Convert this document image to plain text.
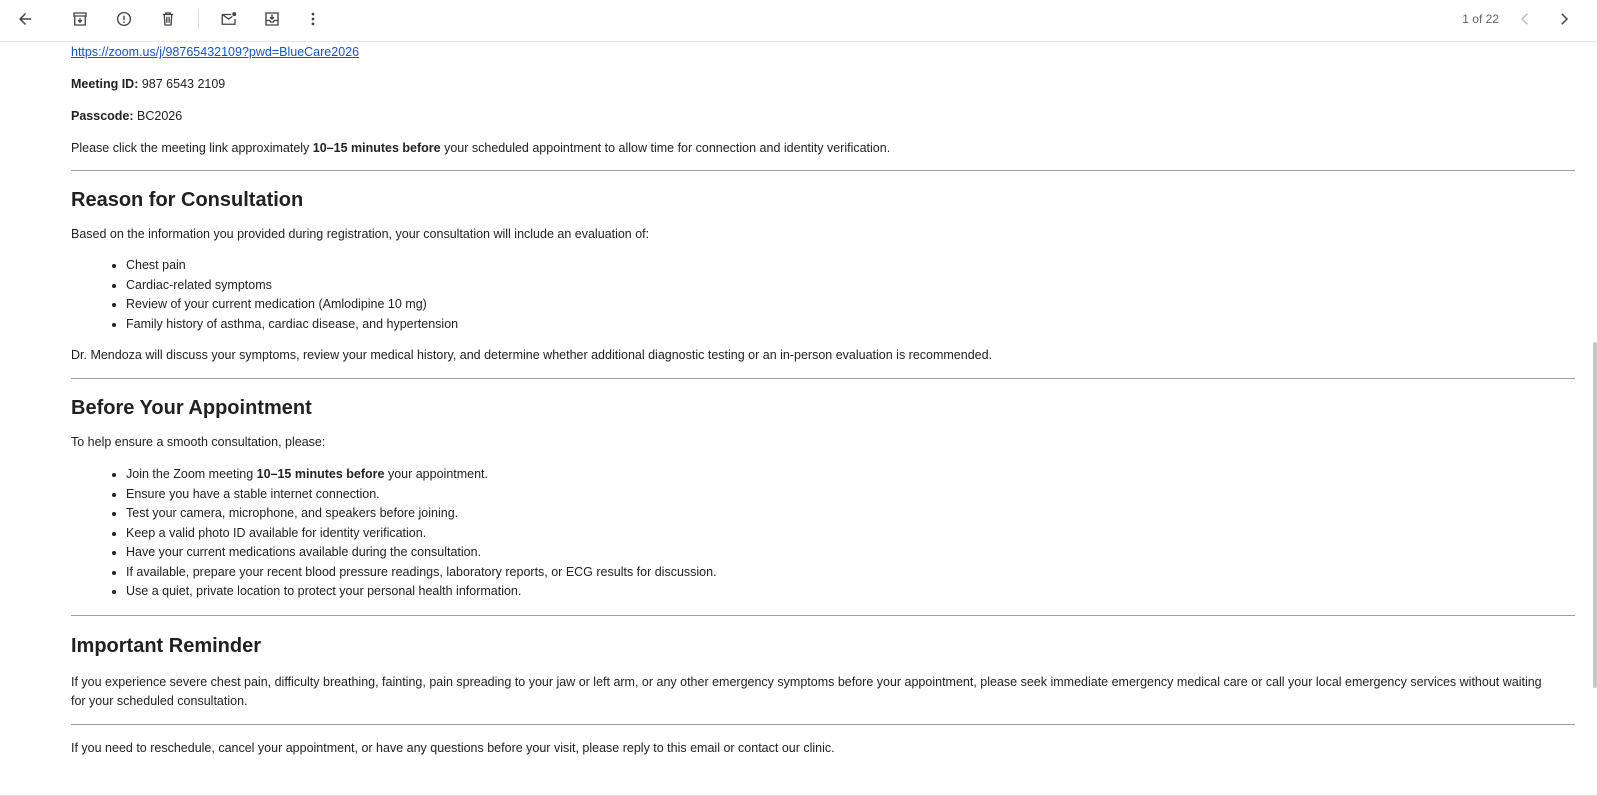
1 of 22

https://zoom.us/j/98765432109?pwd=BlueCare2026

Meeting ID: 987 6543 2109

Passcode: BC2026

Please click the meeting link approximately 10–15 minutes before your scheduled appointment to allow time for connection and identity verification.

Reason for Consultation

Based on the information you provided during registration, your consultation will include an evaluation of:

• Chest pain
• Cardiac-related symptoms
• Review of your current medication (Amlodipine 10 mg)
• Family history of asthma, cardiac disease, and hypertension

Dr. Mendoza will discuss your symptoms, review your medical history, and determine whether additional diagnostic testing or an in-person evaluation is recommended.

Before Your Appointment

To help ensure a smooth consultation, please:

• Join the Zoom meeting 10–15 minutes before your appointment.
• Ensure you have a stable internet connection.
• Test your camera, microphone, and speakers before joining.
• Keep a valid photo ID available for identity verification.
• Have your current medications available during the consultation.
• If available, prepare your recent blood pressure readings, laboratory reports, or ECG results for discussion.
• Use a quiet, private location to protect your personal health information.
Important Reminder

If you experience severe chest pain, difficulty breathing, fainting, pain spreading to your jaw or left arm, or any other emergency symptoms before your appointment, please seek immediate emergency medical care or call your local emergency services without waiting for your scheduled consultation.

If you need to reschedule, cancel your appointment, or have any questions before your visit, please reply to this email or contact our clinic.
